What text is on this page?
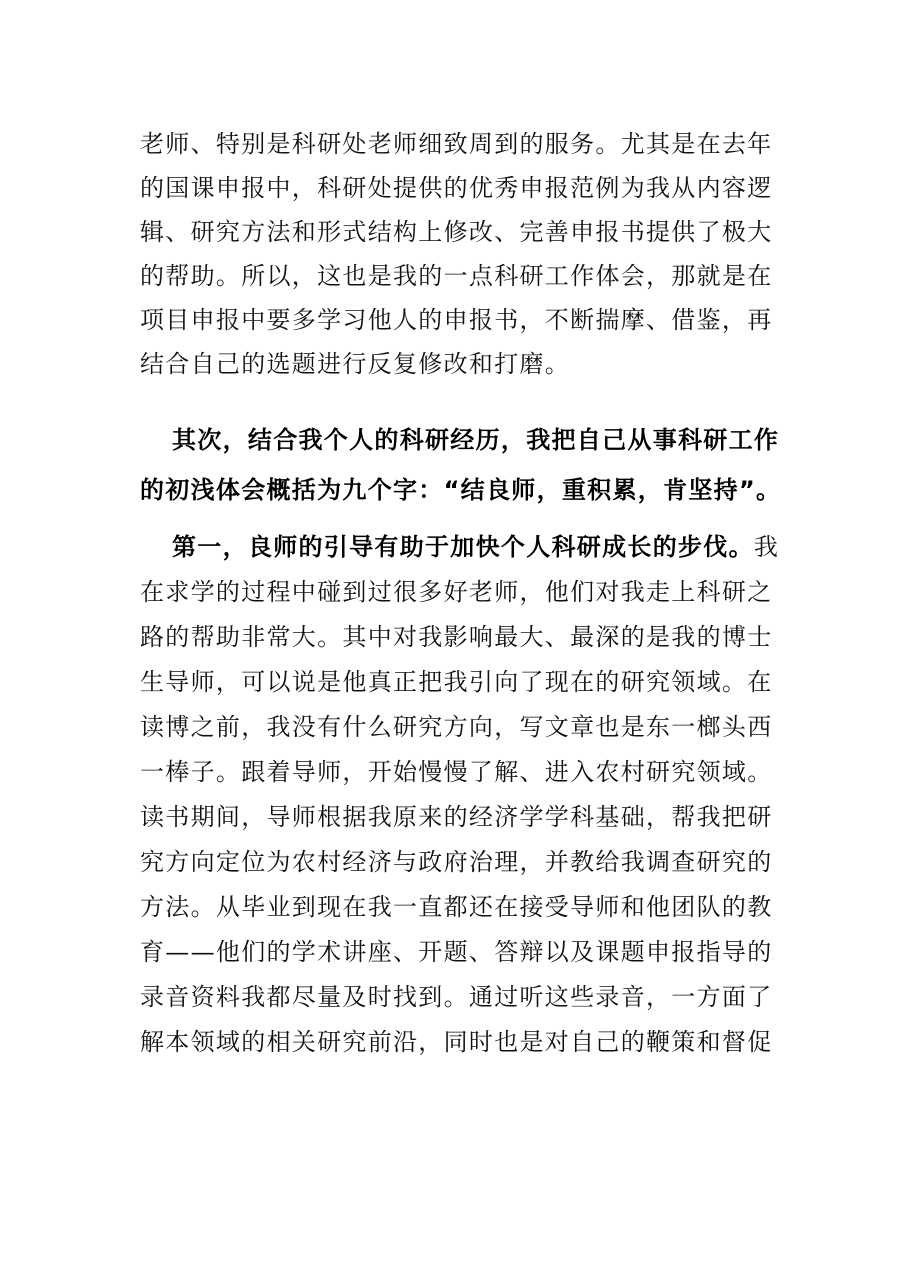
老师、特别是科研处老师细致周到的服务。尤其是在去年
的国课申报中，科研处提供的优秀申报范例为我从内容逻
辑、研究方法和形式结构上修改、完善申报书提供了极大
的帮助。所以，这也是我的一点科研工作体会，那就是在
项目申报中要多学习他人的申报书，不断揣摩、借鉴，再
结合自己的选题进行反复修改和打磨。
其次，结合我个人的科研经历，我把自己从事科研工作
的初浅体会概括为九个字：“结良师，重积累，肯坚持”。
第一，良师的引导有助于加快个人科研成长的步伐。我
在求学的过程中碰到过很多好老师，他们对我走上科研之
路的帮助非常大。其中对我影响最大、最深的是我的博士
生导师，可以说是他真正把我引向了现在的研究领域。在
读博之前，我没有什么研究方向，写文章也是东一榔头西
一棒子。跟着导师，开始慢慢了解、进入农村研究领域。
读书期间，导师根据我原来的经济学学科基础，帮我把研
究方向定位为农村经济与政府治理，并教给我调查研究的
方法。从毕业到现在我一直都还在接受导师和他团队的教
育——他们的学术讲座、开题、答辩以及课题申报指导的
录音资料我都尽量及时找到。通过听这些录音，一方面了
解本领域的相关研究前沿，同时也是对自己的鞭策和督促
